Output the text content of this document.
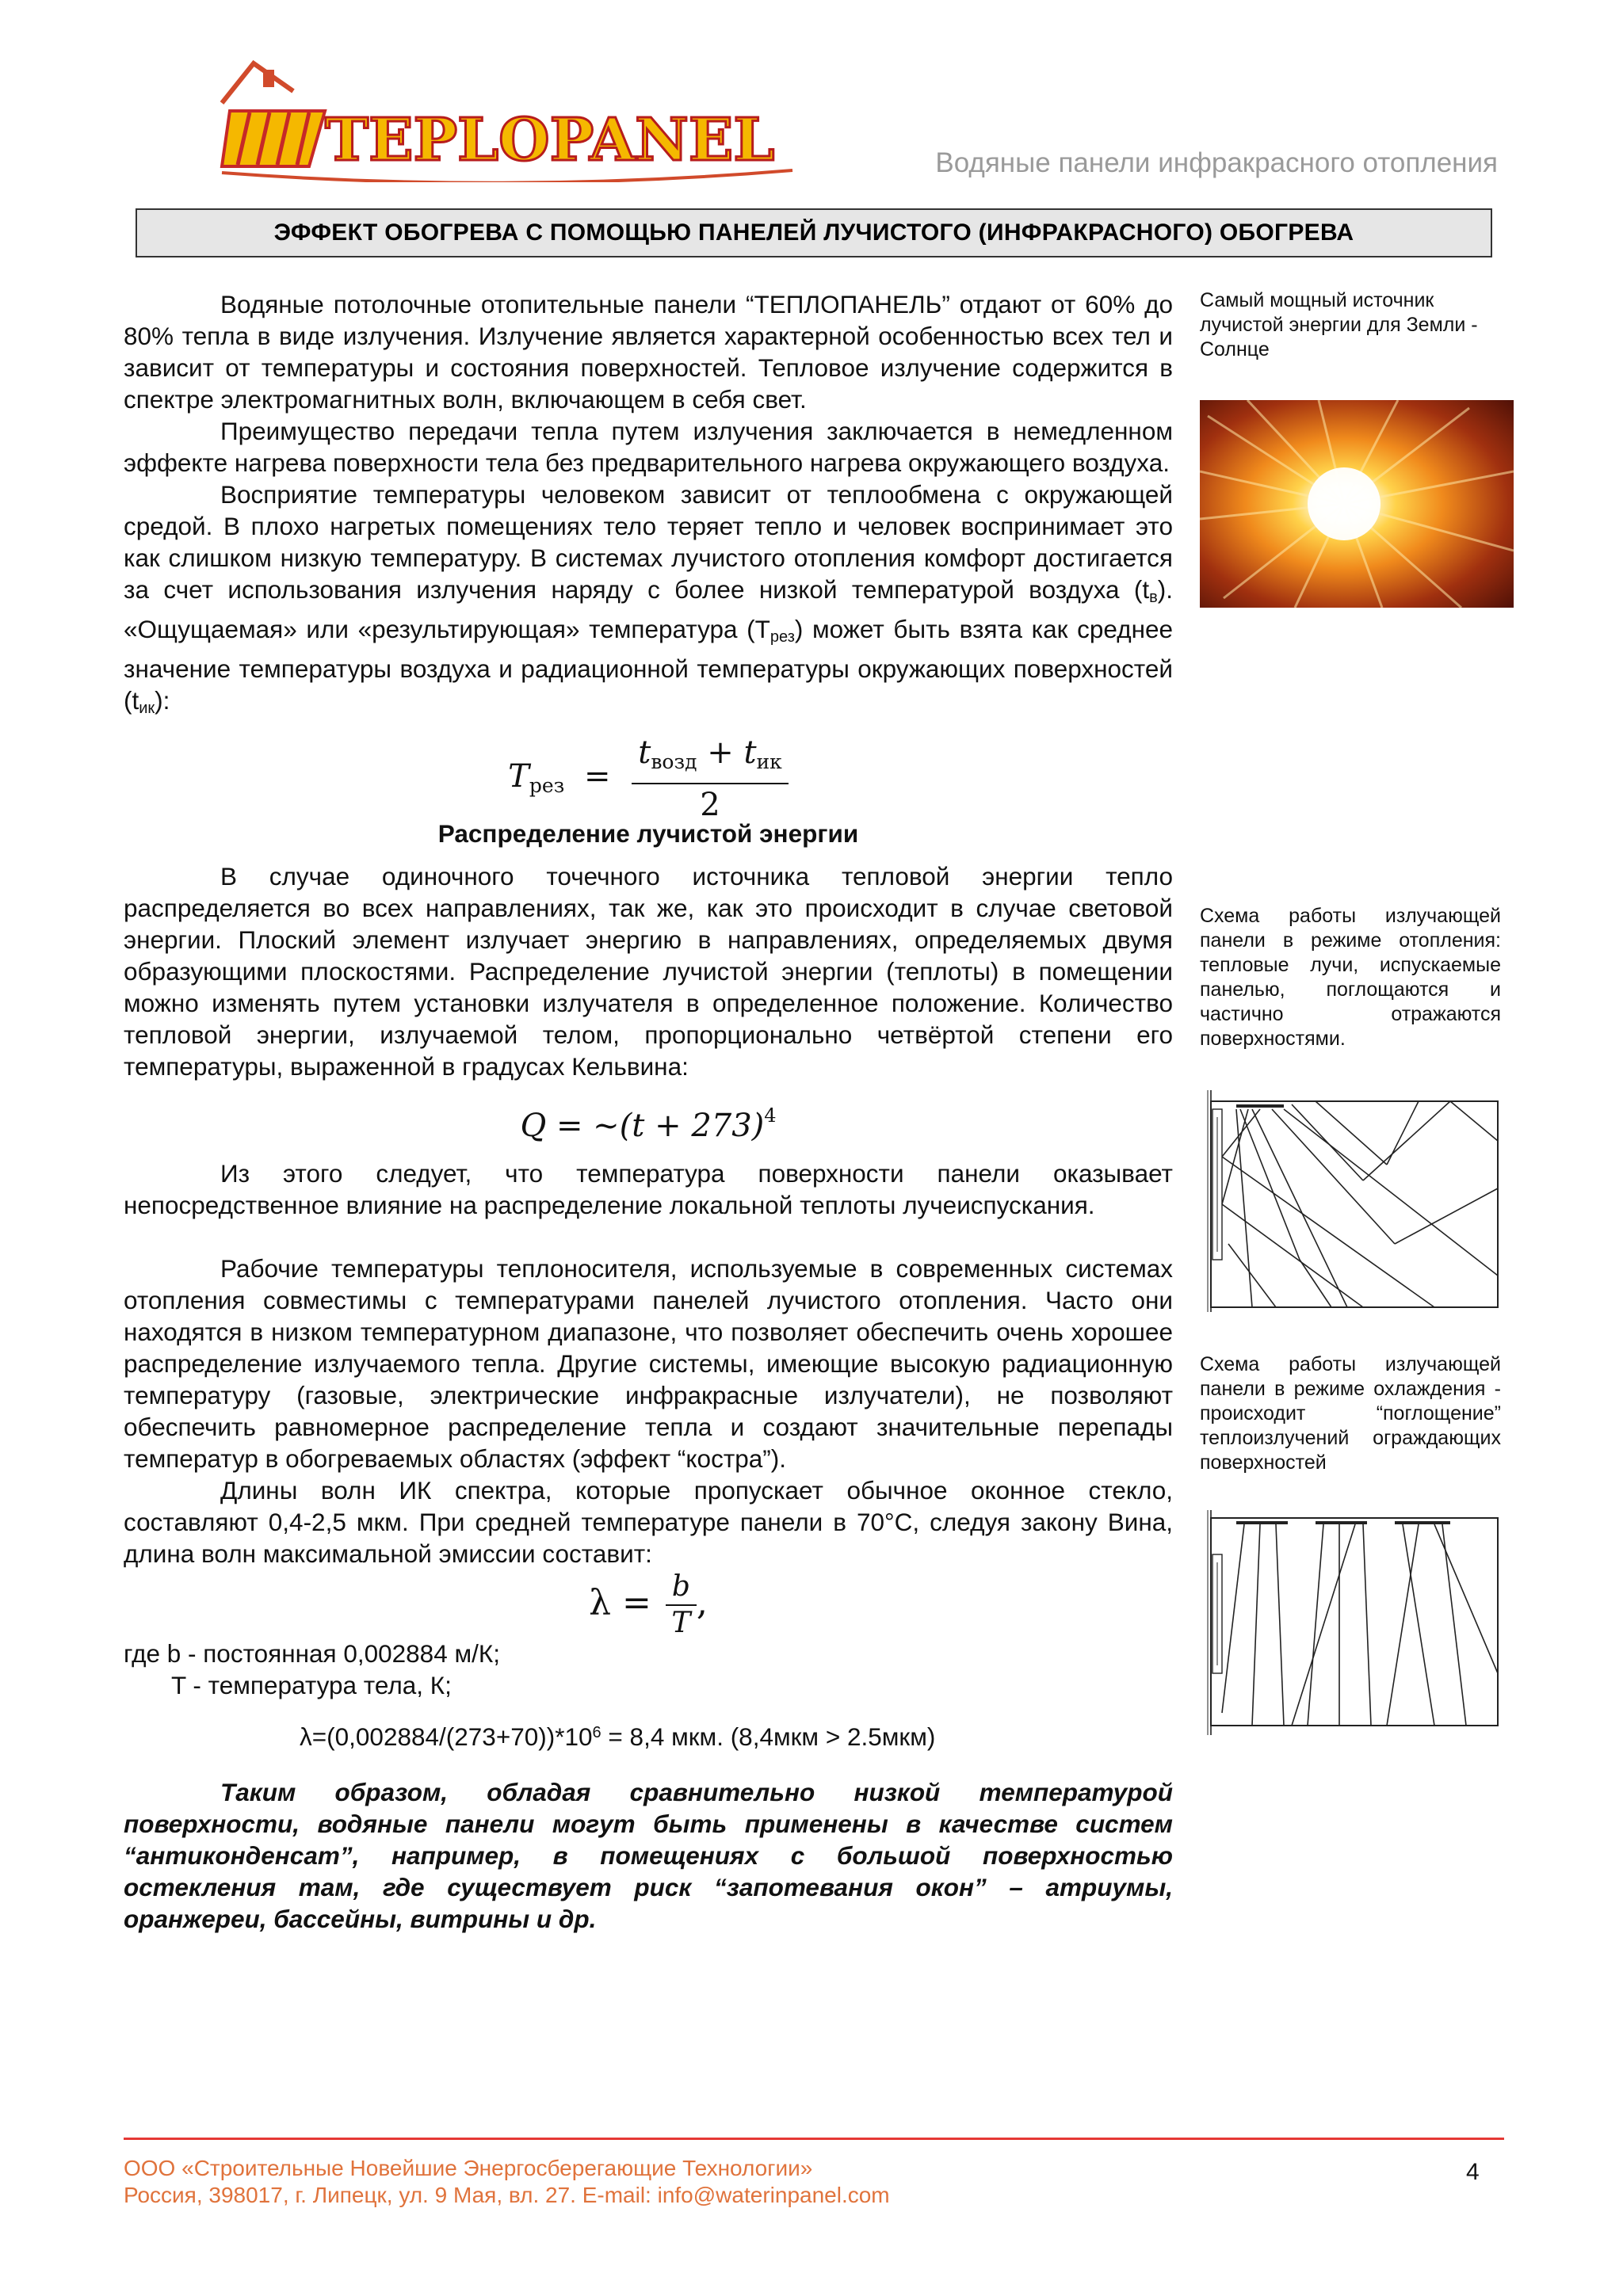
TEPLOPANEL	Водяные панели инфракрасного отопления
ЭФФЕКТ ОБОГРЕВА С ПОМОЩЬЮ ПАНЕЛЕЙ ЛУЧИСТОГО (ИНФРАКРАСНОГО) ОБОГРЕВА

Водяные потолочные отопительные панели “ТЕПЛОПАНЕЛЬ” отдают от 60% до 80% тепла в виде излучения. Излучение является характерной особенностью всех тел и зависит от температуры и состояния поверхностей. Тепловое излучение содержится в спектре электромагнитных волн, включающем в себя свет.

Преимущество передачи тепла путем излучения заключается в немедленном эффекте нагрева поверхности тела без предварительного нагрева окружающего воздуха.

Восприятие температуры человеком зависит от теплообмена с окружающей средой. В плохо нагретых помещениях тело теряет тепло и человек воспринимает это как слишком низкую температуру. В системах лучистого отопления комфорт достигается за счет использования излучения наряду с более низкой температурой воздуха (tв). «Ощущаемая» или «результирующая» температура (Tрез) может быть взята как среднее значение температуры воздуха и радиационной температуры окружающих поверхностей (tик):

Tрез = $\frac{\text{tвозд + tик}}{2}$
Распределение лучистой энергии

В случае одиночного точечного источника тепловой энергии тепло распределяется во всех направлениях, так же, как это происходит в случае световой энергии. Плоский элемент излучает энергию в направлениях, определяемых двумя образующими плоскостями. Распределение лучистой энергии (теплоты) в помещении можно изменять путем установки излучателя в определенное положение. Количество тепловой энергии, излучаемой телом, пропорционально четвёртой степени его температуры, выраженной в градусах Кельвина:

Q = ~(t + 273)$^4$

Из этого следует, что температура поверхности панели оказывает непосредственное влияние на распределение локальной теплоты лучеиспускания.

Рабочие температуры теплоносителя, используемые в современных системах отопления совместимы с температурами панелей лучистого отопления. Часто они находятся в низком температурном диапазоне, что позволяет обеспечить очень хорошее распределение излучаемого тепла. Другие системы, имеющие высокую радиационную температуру (газовые, электрические инфракрасные излучатели), не позволяют обеспечить равномерное распределение тепла и создают значительные перепады температур в обогреваемых областях (эффект “костра”).

Длины волн ИК спектра, которые пропускает обычное оконное стекло, составляют 0,4-2,5 мкм. При средней температуре панели в 70°С, следуя закону Вина, длина волн максимальной эмиссии составит:

$\lambda = \frac{b}{T}$ ,

где b - постоянная 0,002884 м/К;

T - температура тела, К;

$\lambda=(0,002884/(273+70))*10^6 = 8,4$ мкм. (8,4мкм > 2.5мкм)

Таким образом, обладая сравнительно низкой температурой поверхности, водяные панели могут быть применены в качестве систем “антиконденсат”, например, в помещениях с большой поверхностью остекления там, где существует риск “запотевания окон” – атриумы, оранжереи, бассейны, витрины и др.

Самый мощный источник лучистой энергии для Земли - Солнце
Схема работы излучающей панели в режиме отопления: тепловые лучи, испускаемые панелью, поглощаются и частично отражаются поверхностями.
Схема работы излучающей панели в режиме охлаждения - происходит “поглощение” теплоизлучений ограждающих поверхностей
ООО «Строительные Новейшие Энергосберегающие Технологии»
Россия, 398017, г. Липецк, ул. 9 Мая, вл. 27. E-mail: info@waterinpanel.com
4
